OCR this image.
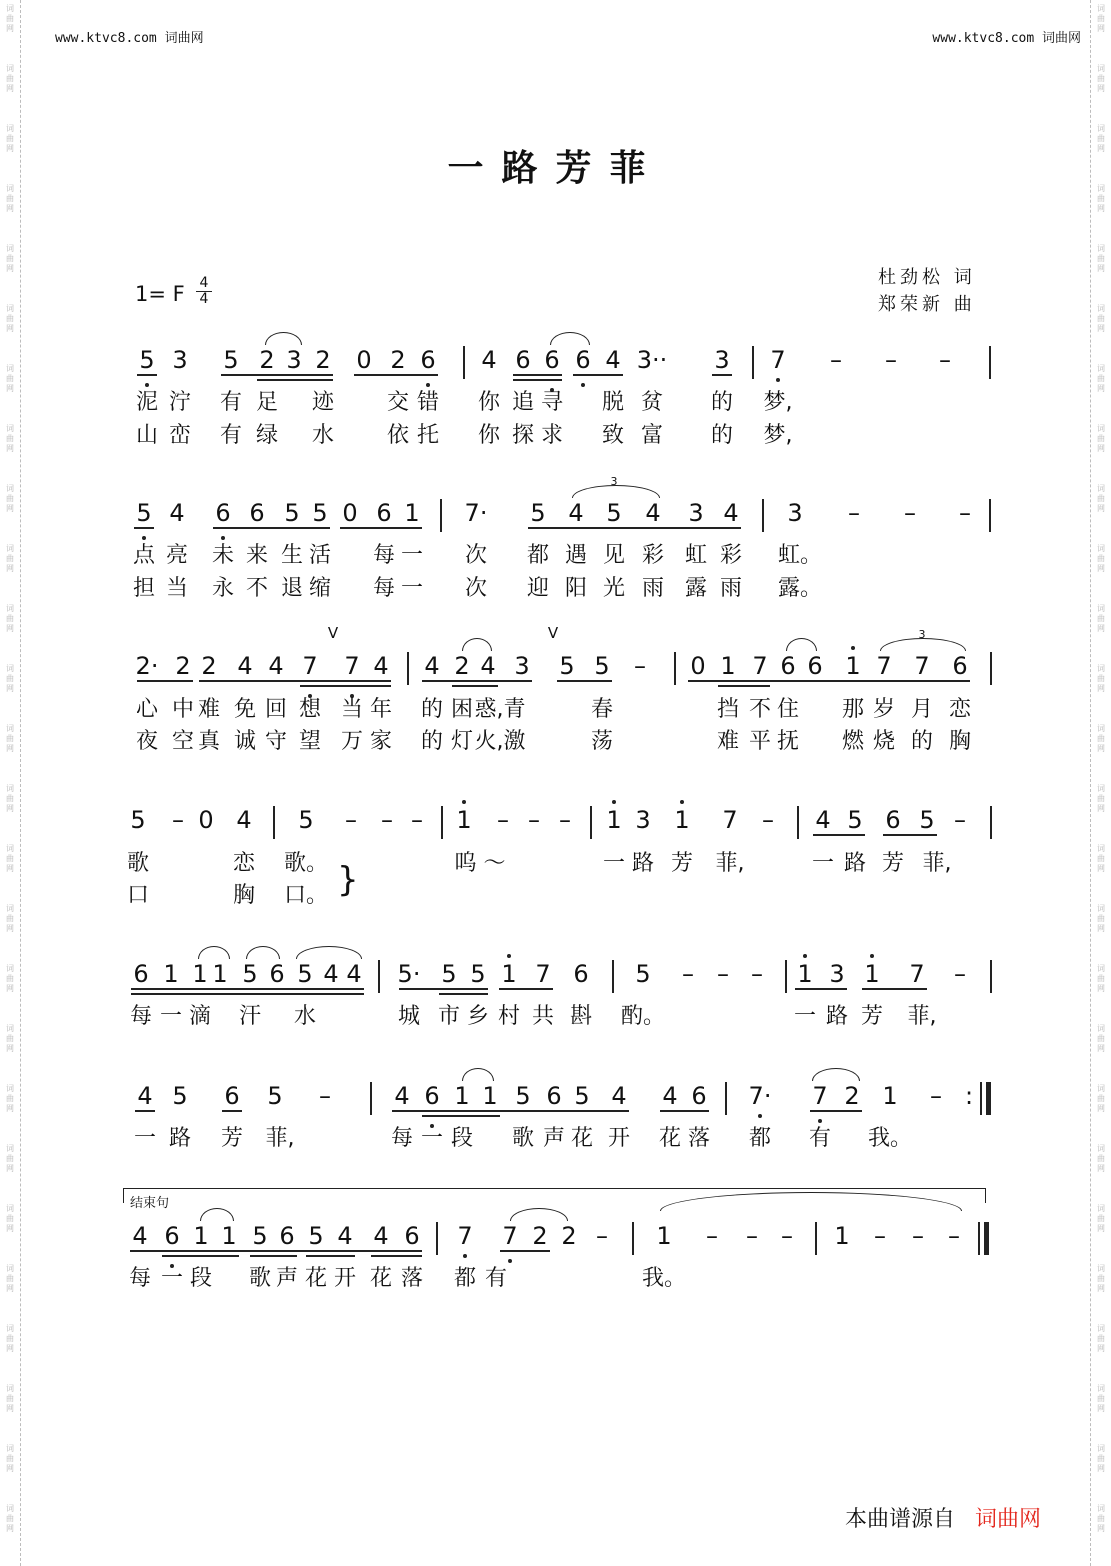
词
曲
网
词
曲
网
词
曲
网
词
曲
网
词
曲
网
词
曲
网
词
曲
网
词
曲
网
词
曲
网
词
曲
网
词
曲
网
词
曲
网
词
曲
网
词
曲
网
词
曲
网
词
曲
网
词
曲
网
词
曲
网
词
曲
网
词
曲
网
词
曲
网
词
曲
网
词
曲
网
词
曲
网
词
曲
网
词
曲
网
词
曲
网
词
曲
网
词
曲
网
词
曲
网
词
曲
网
词
曲
网
词
曲
网
词
曲
网
词
曲
网
词
曲
网
词
曲
网
词
曲
网
词
曲
网
词
曲
网
词
曲
网
词
曲
网
词
曲
网
词
曲
网
词
曲
网
词
曲
网
词
曲
网
词
曲
网
词
曲
网
词
曲
网
词
曲
网
词
曲
网
www.ktvc8.com 词曲网	www.ktvc8.com 词曲网
一路芳菲
1= F 4
4
杜劲松 词
郑荣新 曲
5 3 5 2 3 2 0 2 6 4 6 6 6 4 3·· 3 7 – – –
泥 泞 有 足 迹 交 错 你 追 寻 脱 贫 的 梦,
山 峦 有 绿 水 依 托 你 探 求 致 富 的 梦,
5 4 6 6 5 5 0 6 1 7· 5 4 5 4 3 4 3 – – –
3
点 亮 未 来 生 活 每 一 次 都 遇 见 彩 虹 彩 虹。
担 当 永 不 退 缩 每 一 次 迎 阳 光 雨 露 雨 露。
2· 2 2 4 4 7 7 4 4 2 4 3 5 5 – 0 1 7 6 6 1 7 7 6
3
V	V
心 中 难 免 回 想 当 年 的 困 惑,青	春	挡 不 住 那 岁 月 恋
夜 空 真 诚 守 望 万 家 的 灯 火,激	荡	难 平 抚 燃 烧 的 胸
5 – 0 4 5 – – – 1 – – – 1 3 1 7 – 4 5 6 5 –
歌	恋 歌。	呜 ～	一 路 芳 菲,	一 路 芳 菲,
口	胸 口。 }
6 1 1 1 5 6 5 4 4 5· 5 5 1 7 6 5 – – – 1 3 1 7 –
每 一 滴 汗 水	城 市 乡 村 共 斟 酌。	一 路 芳 菲,
4 5 6 5 –	4 6 1 1 5 6 5 4 4 6 7· 7 2 1 – :
一 路 芳 菲,	每 一 段 歌 声 花 开 花 落 都 有 我。
结束句
4 6 1 1 5 6 5 4 4 6 7 7 2 2 – 1 – – – 1 – – –
每 一 段 歌 声 花 开 花 落 都 有	我。
本曲谱源自 词曲网
